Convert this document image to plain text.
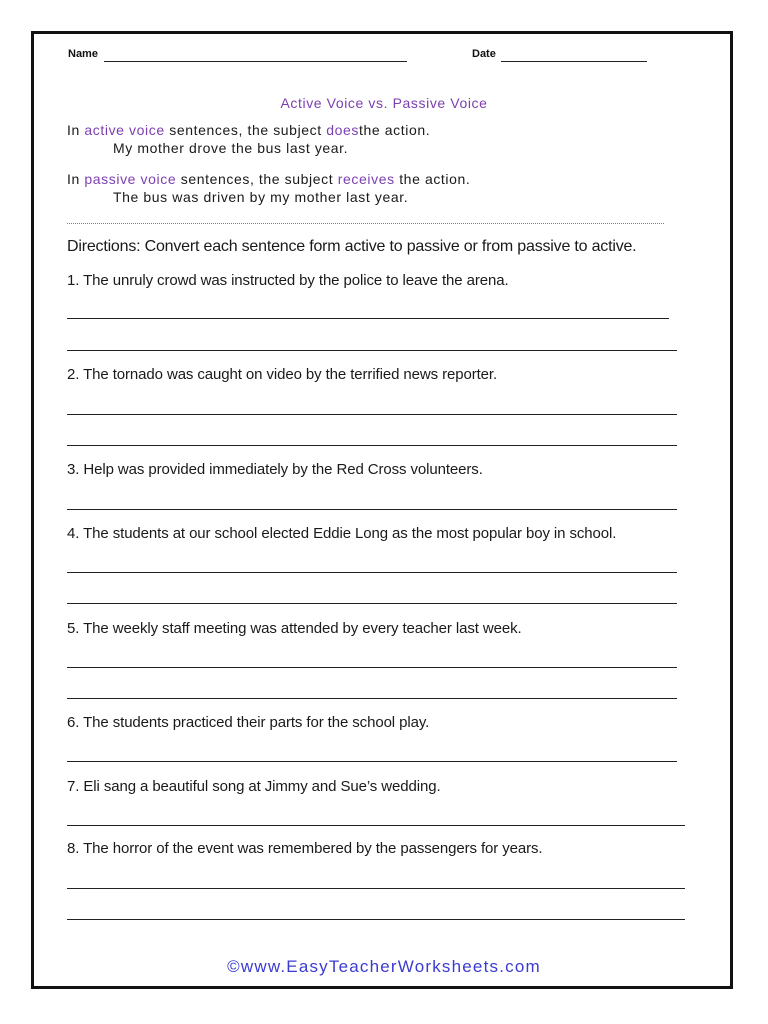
Name	Date
Active Voice vs. Passive Voice
In active voice sentences, the subject doesthe action.
My mother drove the bus last year.
In passive voice sentences, the subject receives the action.
The bus was driven by my mother last year.
Directions: Convert each sentence form active to passive or from passive to active.
1. The unruly crowd was instructed by the police to leave the arena.
2. The tornado was caught on video by the terrified news reporter.
3. Help was provided immediately by the Red Cross volunteers.
4. The students at our school elected Eddie Long as the most popular boy in school.
5. The weekly staff meeting was attended by every teacher last week.
6. The students practiced their parts for the school play.
7. Eli sang a beautiful song at Jimmy and Sue’s wedding.
8. The horror of the event was remembered by the passengers for years.
©www.EasyTeacherWorksheets.com
